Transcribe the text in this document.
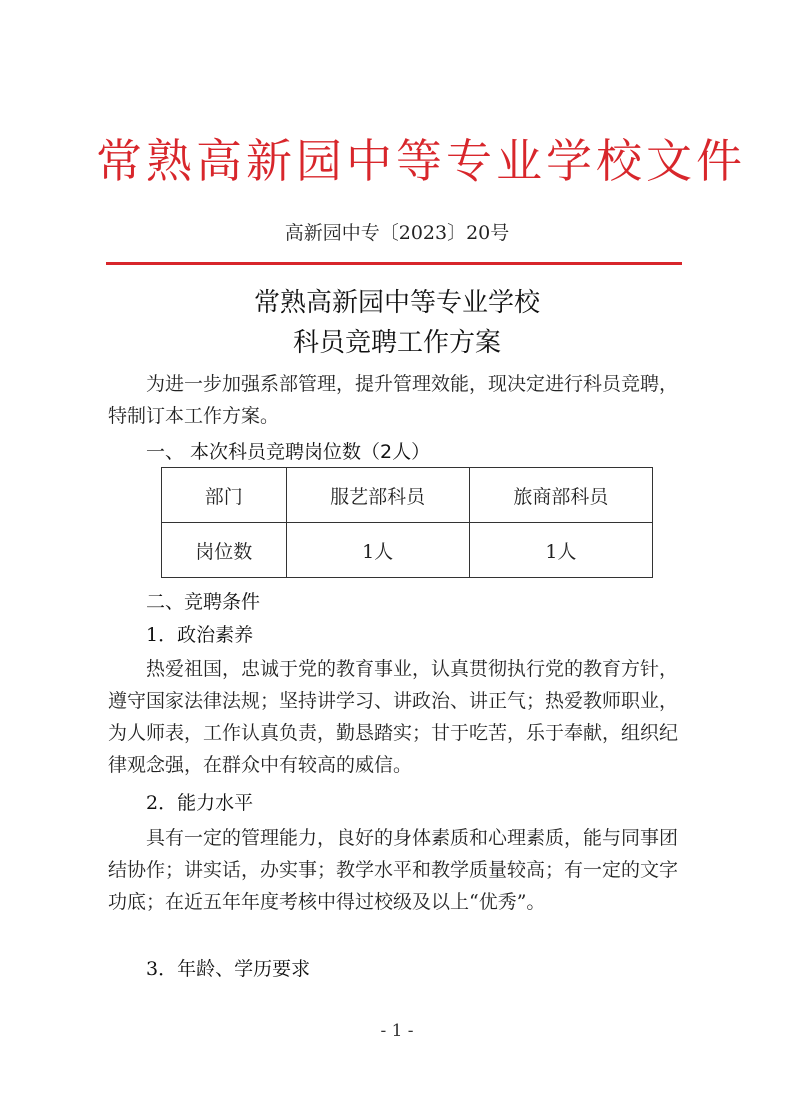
常熟高新园中等专业学校文件
高新园中专〔2023〕20号
常熟高新园中等专业学校
科员竞聘工作方案
为进一步加强系部管理，提升管理效能，现决定进行科员竞聘，特制订本工作方案。
一、 本次科员竞聘岗位数（2人）
部门	服艺部科员	旅商部科员
岗位数	1人	1人
二、竞聘条件
1．政治素养
热爱祖国，忠诚于党的教育事业，认真贯彻执行党的教育方针，遵守国家法律法规；坚持讲学习、讲政治、讲正气；热爱教师职业，为人师表，工作认真负责，勤恳踏实；甘于吃苦，乐于奉献，组织纪律观念强，在群众中有较高的威信。
2．能力水平
具有一定的管理能力，良好的身体素质和心理素质，能与同事团结协作；讲实话，办实事；教学水平和教学质量较高；有一定的文字功底；在近五年年度考核中得过校级及以上“优秀”。
3．年龄、学历要求
- 1 -
